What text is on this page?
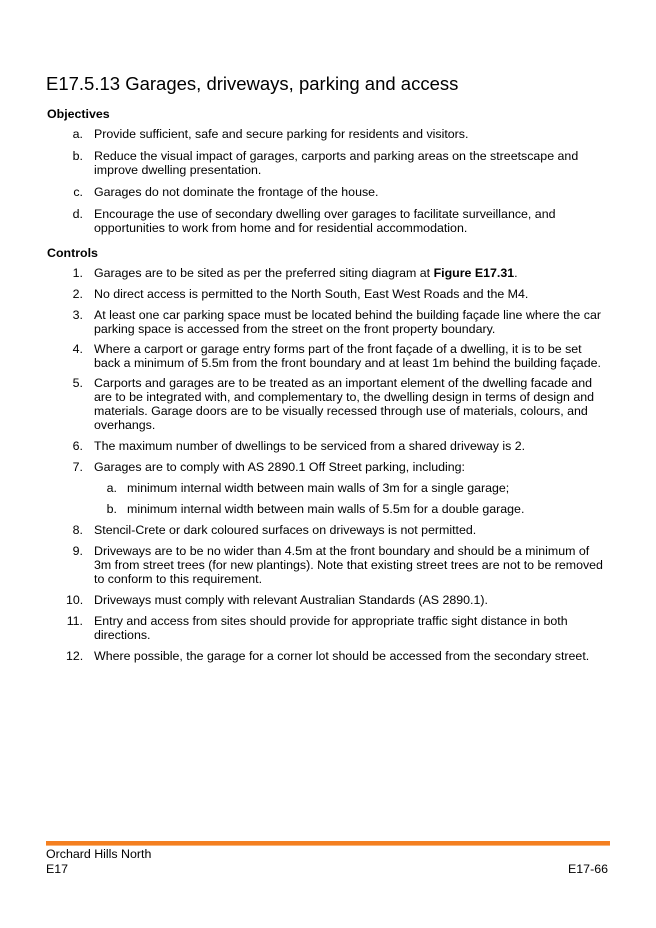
E17.5.13 Garages, driveways, parking and access
Objectives
a. Provide sufficient, safe and secure parking for residents and visitors.
b. Reduce the visual impact of garages, carports and parking areas on the streetscape and improve dwelling presentation.
c. Garages do not dominate the frontage of the house.
d. Encourage the use of secondary dwelling over garages to facilitate surveillance, and opportunities to work from home and for residential accommodation.
Controls
1. Garages are to be sited as per the preferred siting diagram at Figure E17.31.
2. No direct access is permitted to the North South, East West Roads and the M4.
3. At least one car parking space must be located behind the building façade line where the car parking space is accessed from the street on the front property boundary.
4. Where a carport or garage entry forms part of the front façade of a dwelling, it is to be set back a minimum of 5.5m from the front boundary and at least 1m behind the building façade.
5. Carports and garages are to be treated as an important element of the dwelling facade and are to be integrated with, and complementary to, the dwelling design in terms of design and materials. Garage doors are to be visually recessed through use of materials, colours, and overhangs.
6. The maximum number of dwellings to be serviced from a shared driveway is 2.
7. Garages are to comply with AS 2890.1 Off Street parking, including:
a. minimum internal width between main walls of 3m for a single garage;
b. minimum internal width between main walls of 5.5m for a double garage.
8. Stencil-Crete or dark coloured surfaces on driveways is not permitted.
9. Driveways are to be no wider than 4.5m at the front boundary and should be a minimum of 3m from street trees (for new plantings). Note that existing street trees are not to be removed to conform to this requirement.
10. Driveways must comply with relevant Australian Standards (AS 2890.1).
11. Entry and access from sites should provide for appropriate traffic sight distance in both directions.
12. Where possible, the garage for a corner lot should be accessed from the secondary street.
Orchard Hills North
E17	E17-66
